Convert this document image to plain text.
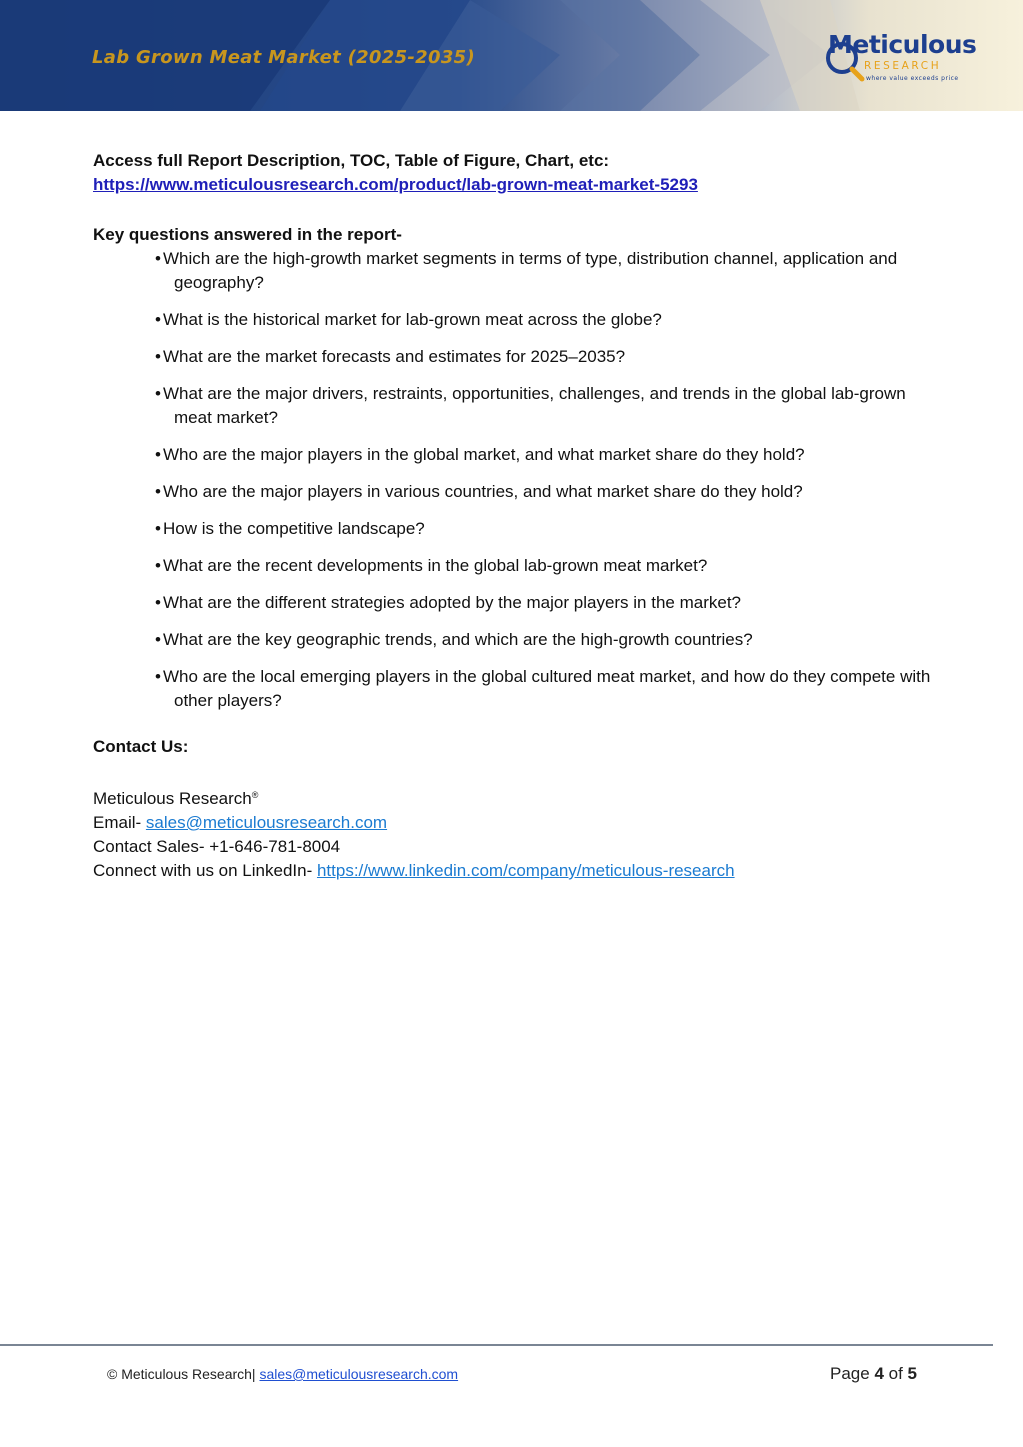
Lab Grown Meat Market (2025-2035)	Meticulous

RESEARCH

where value exceeds price

Access full Report Description, TOC, Table of Figure, Chart, etc:

https://www.meticulousresearch.com/product/lab-grown-meat-market-5293

Key questions answered in the report-

• Which are the high-growth market segments in terms of type, distribution channel, application and geography?
• What is the historical market for lab-grown meat across the globe?
• What are the market forecasts and estimates for 2025–2035?
• What are the major drivers, restraints, opportunities, challenges, and trends in the global lab-grown meat market?
• Who are the major players in the global market, and what market share do they hold?
• Who are the major players in various countries, and what market share do they hold?
• How is the competitive landscape?
• What are the recent developments in the global lab-grown meat market?
• What are the different strategies adopted by the major players in the market?
• What are the key geographic trends, and which are the high-growth countries?
• Who are the local emerging players in the global cultured meat market, and how do they compete with other players?

Contact Us:

Meticulous Research®

Email- sales@meticulousresearch.com

Contact Sales- +1-646-781-8004

Connect with us on LinkedIn- https://www.linkedin.com/company/meticulous-research

© Meticulous Research| sales@meticulousresearch.com	Page 4 of 5
